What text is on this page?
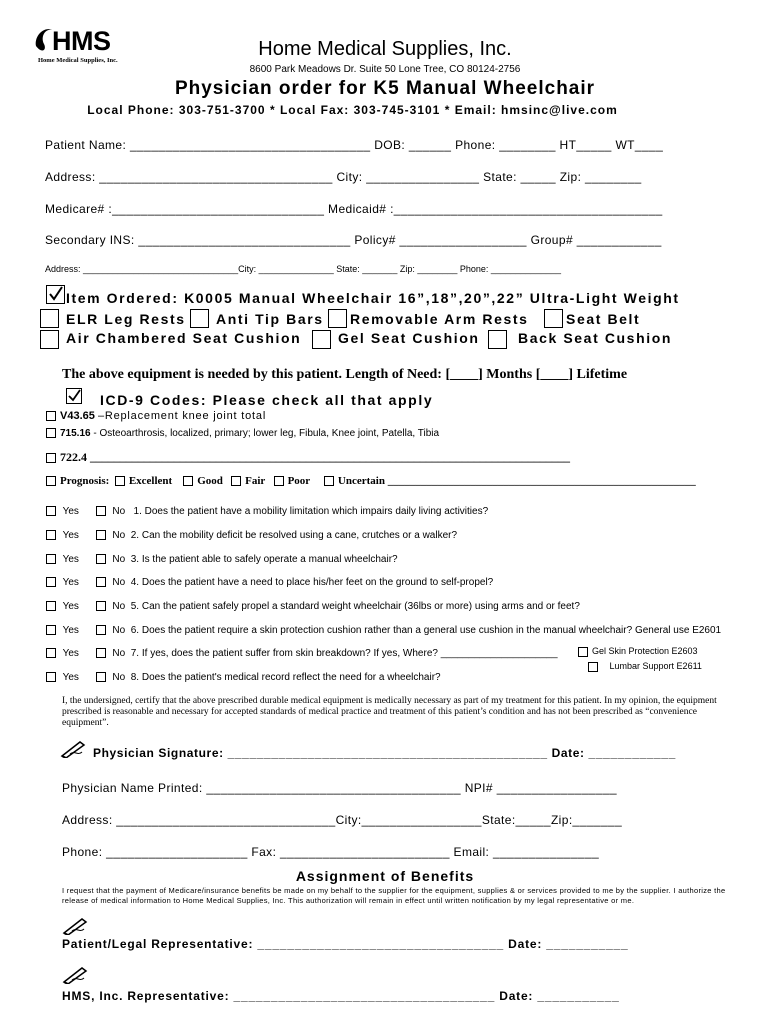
HMS
Home Medical Supplies, Inc.
Home Medical Supplies, Inc.
8600 Park Meadows Dr. Suite 50 Lone Tree, CO 80124-2756
Physician order for K5 Manual Wheelchair
Local Phone: 303-751-3700 * Local Fax: 303-745-3101 * Email: hmsinc@live.com
Patient Name: __________________________________ DOB: ______ Phone: ________ HT_____ WT____
Address: _________________________________ City: ________________ State: _____ Zip: ________
Medicare# :______________________________ Medicaid# :______________________________________
Secondary INS: ______________________________ Policy# __________________ Group# ____________
Address: _______________________________City: _______________ State: _______ Zip: ________ Phone: ______________
Item Ordered: K0005 Manual Wheelchair 16”,18”,20”,22” Ultra-Light Weight
ELR Leg Rests Anti Tip Bars Removable Arm Rests	Seat Belt
Air Chambered Seat Cushion	Gel Seat Cushion	Back Seat Cushion
The above equipment is needed by this patient. Length of Need: [____] Months [____] Lifetime
ICD-9 Codes: Please check all that apply
V43.65 –Replacement knee joint total
715.16 - Osteoarthrosis, localized, primary; lower leg, Fibula, Knee joint, Patella, Tibia
722.4 ________________________________________________________________________________
Prognosis: Excellent Good Fair Poor	Uncertain ________________________________________________________
Yes	No 1. Does the patient have a mobility limitation which impairs daily living activities?
Yes	No 2. Can the mobility deficit be resolved using a cane, crutches or a walker?
Yes	No 3. Is the patient able to safely operate a manual wheelchair?
Yes	No 4. Does the patient have a need to place his/her feet on the ground to self-propel?
Yes	No 5. Can the patient safely propel a standard weight wheelchair (36lbs or more) using arms and or feet?
Yes	No 6. Does the patient require a skin protection cushion rather than a general use cushion in the manual wheelchair? General use E2601
Yes	No 7. If yes, does the patient suffer from skin breakdown? If yes, Where? _____________________	Gel Skin Protection E2603
Lumbar Support E2611
Yes	No 8. Does the patient's medical record reflect the need for a wheelchair?
I, the undersigned, certify that the above prescribed durable medical equipment is medically necessary as part of my treatment for this patient. In my opinion, the equipment prescribed is reasonable and necessary for accepted standards of medical practice and treatment of this patient’s condition and has not been prescribed as “convenience equipment”.
Physician Signature: ____________________________________________ Date: ____________
Physician Name Printed: ____________________________________ NPI# _________________
Address: _______________________________City:_________________State:_____Zip:_______
Phone: ____________________ Fax: ________________________ Email: _______________
Assignment of Benefits
I request that the payment of Medicare/insurance benefits be made on my behalf to the supplier for the equipment, supplies & or services provided to me by the supplier. I authorize the release of medical information to Home Medical Supplies, Inc. This authorization will remain in effect until written notification by my legal representative or me.
Patient/Legal Representative: _________________________________ Date: ___________
HMS, Inc. Representative: ___________________________________ Date: ___________
